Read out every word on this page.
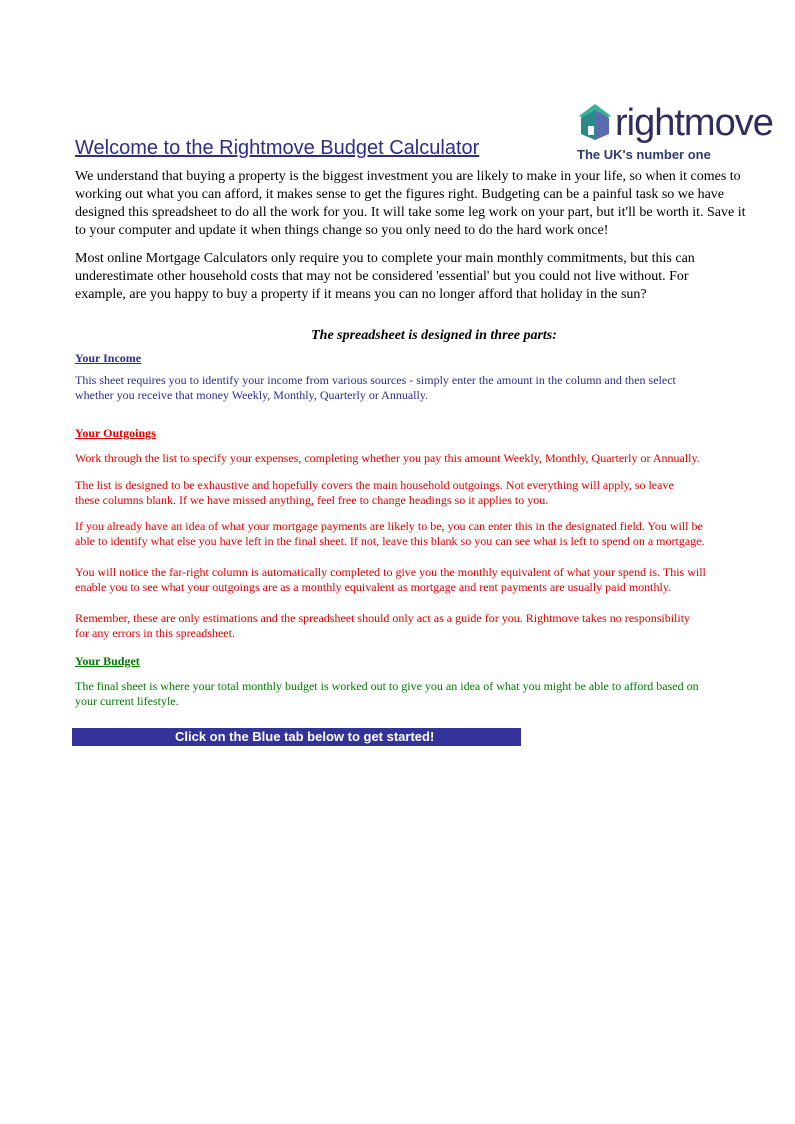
rightmove
The UK's number one

We understand that buying a property is the biggest investment you are likely to make in your life, so when it comes to
working out what you can afford, it makes sense to get the figures right. Budgeting can be a painful task so we have
designed this spreadsheet to do all the work for you. It will take some leg work on your part, but it'll be worth it. Save it
to your computer and update it when things change so you only need to do the hard work once!

Welcome to the Rightmove Budget Calculator
Most online Mortgage Calculators only require you to complete your main monthly commitments, but this can
underestimate other household costs that may not be considered 'essential' but you could not live without. For
example, are you happy to buy a property if it means you can no longer afford that holiday in the sun?
The spreadsheet is designed in three parts:
Your Income
This sheet requires you to identify your income from various sources - simply enter the amount in the column and then select
whether you receive that money Weekly, Monthly, Quarterly or Annually.
Your Outgoings
Work through the list to specify your expenses, completing whether you pay this amount Weekly, Monthly, Quarterly or Annually.
The list is designed to be exhaustive and hopefully covers the main household outgoings. Not everything will apply, so leave
these columns blank. If we have missed anything, feel free to change headings so it applies to you.
If you already have an idea of what your mortgage payments are likely to be, you can enter this in the designated field. You will be
able to identify what else you have left in the final sheet. If not, leave this blank so you can see what is left to spend on a mortgage.
You will notice the far-right column is automatically completed to give you the monthly equivalent of what your spend is. This will
enable you to see what your outgoings are as a monthly equivalent as mortgage and rent payments are usually paid monthly.
Remember, these are only estimations and the spreadsheet should only act as a guide for you. Rightmove takes no responsibility
for any errors in this spreadsheet.
Your Budget
The final sheet is where your total monthly budget is worked out to give you an idea of what you might be able to afford based on
your current lifestyle.
Click on the Blue tab below to get started!
